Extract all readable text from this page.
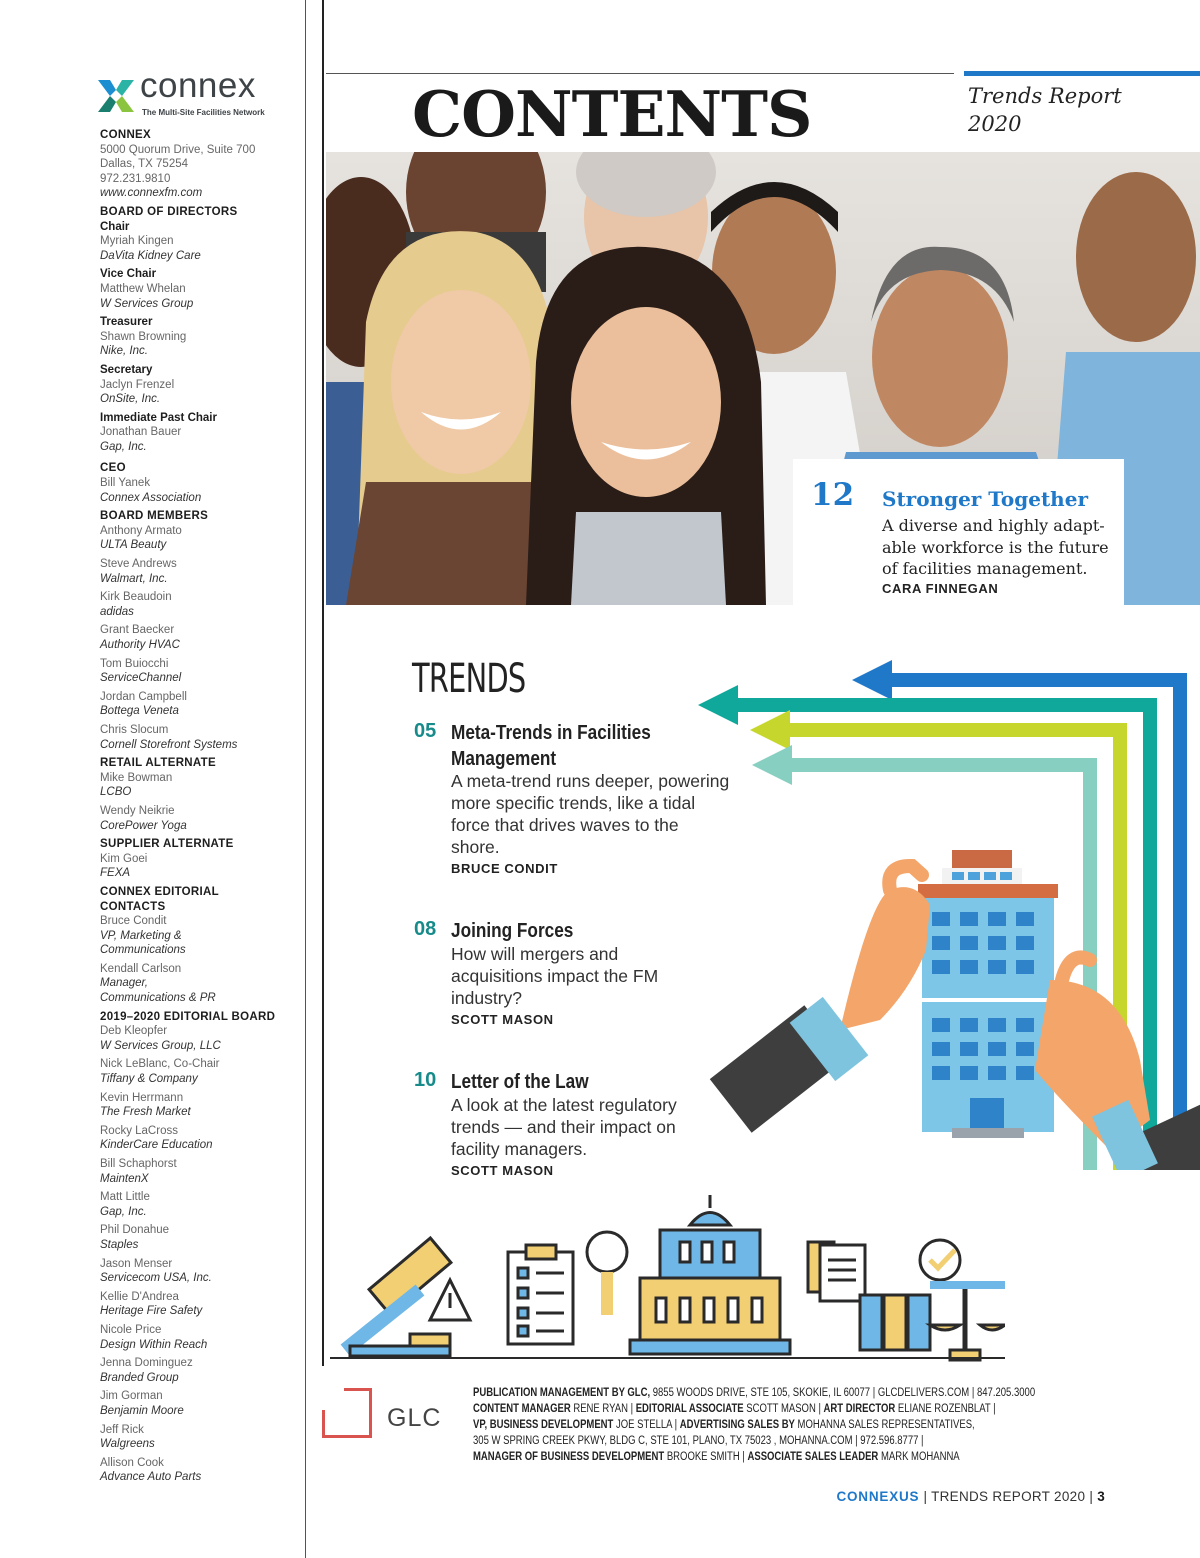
connex
The Multi-Site Facilities Network
CONNEX
5000 Quorum Drive, Suite 700
Dallas, TX 75254
972.231.9810
www.connexfm.com
BOARD OF DIRECTORS
Chair
Myriah Kingen
DaVita Kidney Care
Vice Chair
Matthew Whelan
W Services Group
Treasurer
Shawn Browning
Nike, Inc.
Secretary
Jaclyn Frenzel
OnSite, Inc.
Immediate Past Chair
Jonathan Bauer
Gap, Inc.
CEO
Bill Yanek
Connex Association
BOARD MEMBERS
Anthony Armato
ULTA Beauty
Steve Andrews
Walmart, Inc.
Kirk Beaudoin
adidas
Grant Baecker
Authority HVAC
Tom Buiocchi
ServiceChannel
Jordan Campbell
Bottega Veneta
Chris Slocum
Cornell Storefront Systems
RETAIL ALTERNATE
Mike Bowman
LCBO
Wendy Neikrie
CorePower Yoga
SUPPLIER ALTERNATE
Kim Goei
FEXA
CONNEX EDITORIAL CONTACTS
Bruce Condit
VP, Marketing &
Communications
Kendall Carlson
Manager,
Communications & PR
2019–2020 EDITORIAL BOARD
Deb Kleopfer
W Services Group, LLC
Nick LeBlanc, Co-Chair
Tiffany & Company
Kevin Herrmann
The Fresh Market
Rocky LaCross
KinderCare Education
Bill Schaphorst
MaintenX
Matt Little
Gap, Inc.
Phil Donahue
Staples
Jason Menser
Servicecom USA, Inc.
Kellie D'Andrea
Heritage Fire Safety
Nicole Price
Design Within Reach
Jenna Dominguez
Branded Group
Jim Gorman
Benjamin Moore
Jeff Rick
Walgreens
Allison Cook
Advance Auto Parts
CONTENTS	Trends Report
2020
12 Stronger Together
A diverse and highly adapt-able workforce is the future of facilities management.
CARA FINNEGAN
TRENDS
05 Meta-Trends in Facilities Management
A meta-trend runs deeper, powering more specific trends, like a tidal force that drives waves to the shore.
BRUCE CONDIT
08 Joining Forces
How will mergers and acquisitions impact the FM industry?
SCOTT MASON
10 Letter of the Law
A look at the latest regulatory trends — and their impact on facility managers.
SCOTT MASON
GLC
PUBLICATION MANAGEMENT BY GLC, 9855 WOODS DRIVE, STE 105, SKOKIE, IL 60077 | GLCDELIVERS.COM | 847.205.3000
CONTENT MANAGER RENE RYAN | EDITORIAL ASSOCIATE SCOTT MASON | ART DIRECTOR ELIANE ROZENBLAT |
VP, BUSINESS DEVELOPMENT JOE STELLA | ADVERTISING SALES BY MOHANNA SALES REPRESENTATIVES,
305 W SPRING CREEK PKWY, BLDG C, STE 101, PLANO, TX 75023 , MOHANNA.COM | 972.596.8777 |
MANAGER OF BUSINESS DEVELOPMENT BROOKE SMITH | ASSOCIATE SALES LEADER MARK MOHANNA
CONNEXUS | TRENDS REPORT 2020 | 3
